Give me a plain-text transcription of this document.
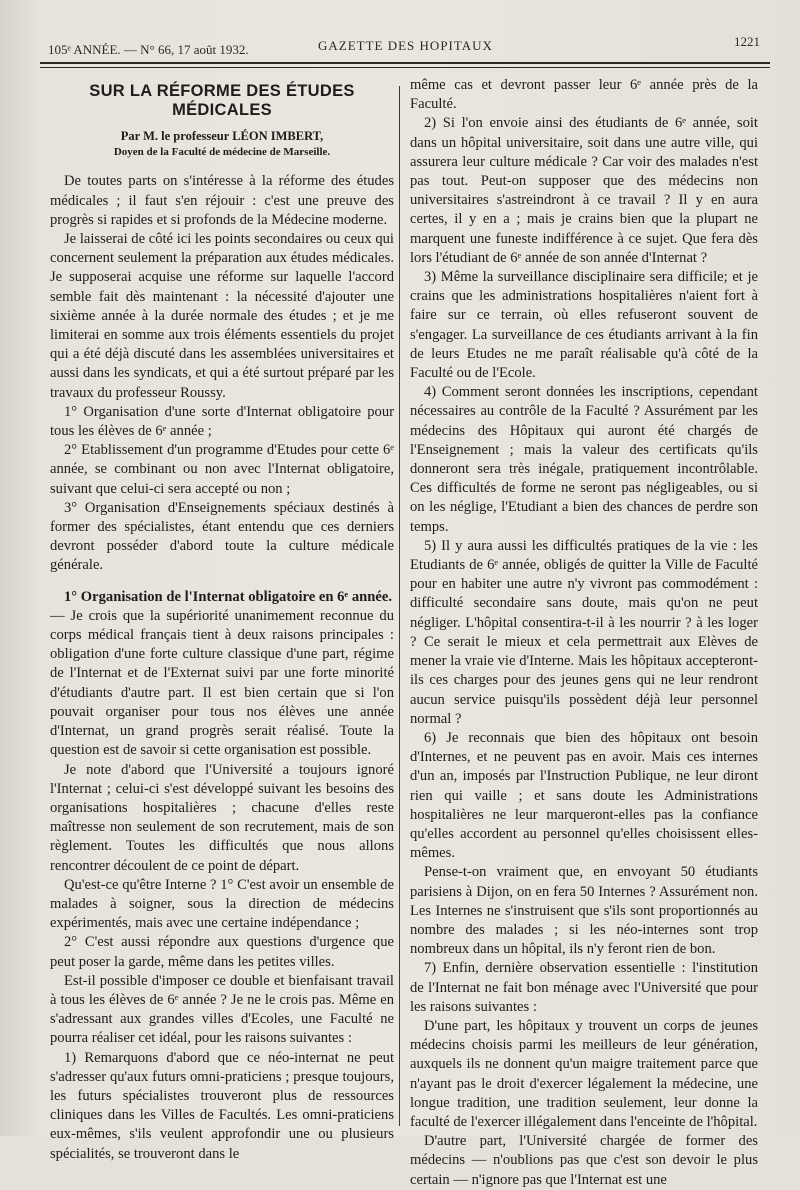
105ᵉ ANNÉE. — N° 66, 17 août 1932.	GAZETTE DES HOPITAUX	1221
SUR LA RÉFORME DES ÉTUDES MÉDICALES
Par M. le professeur LÉON IMBERT,
Doyen de la Faculté de médecine de Marseille.

De toutes parts on s'intéresse à la réforme des études médicales ; il faut s'en réjouir : c'est une preuve des progrès si rapides et si profonds de la Médecine moderne.

Je laisserai de côté ici les points secondaires ou ceux qui concernent seulement la préparation aux études médicales. Je supposerai acquise une réforme sur laquelle l'accord semble fait dès maintenant : la nécessité d'ajouter une sixième année à la durée normale des études ; et je me limiterai en somme aux trois éléments essentiels du projet qui a été déjà discuté dans les assemblées universitaires et aussi dans les syndicats, et qui a été surtout préparé par les travaux du professeur Roussy.

1° Organisation d'une sorte d'Internat obligatoire pour tous les élèves de 6ᵉ année ;

2° Etablissement d'un programme d'Etudes pour cette 6ᵉ année, se combinant ou non avec l'Internat obligatoire, suivant que celui-ci sera accepté ou non ;

3° Organisation d'Enseignements spéciaux destinés à former des spécialistes, étant entendu que ces derniers devront posséder d'abord toute la culture médicale générale.

1° Organisation de l'Internat obligatoire en 6ᵉ année.

— Je crois que la supériorité unanimement reconnue du corps médical français tient à deux raisons principales : obligation d'une forte culture classique d'une part, régime de l'Internat et de l'Externat suivi par une forte minorité d'étudiants d'autre part. Il est bien certain que si l'on pouvait organiser pour tous nos élèves une année d'Internat, un grand progrès serait réalisé. Toute la question est de savoir si cette organisation est possible.

Je note d'abord que l'Université a toujours ignoré l'Internat ; celui-ci s'est développé suivant les besoins des organisations hospitalières ; chacune d'elles reste maîtresse non seulement de son recrutement, mais de son règlement. Toutes les difficultés que nous allons rencontrer découlent de ce point de départ.

Qu'est-ce qu'être Interne ? 1° C'est avoir un ensemble de malades à soigner, sous la direction de médecins expérimentés, mais avec une certaine indépendance ;

2° C'est aussi répondre aux questions d'urgence que peut poser la garde, même dans les petites villes.

Est-il possible d'imposer ce double et bienfaisant travail à tous les élèves de 6ᵉ année ? Je ne le crois pas. Même en s'adressant aux grandes villes d'Ecoles, une Faculté ne pourra réaliser cet idéal, pour les raisons suivantes :

1) Remarquons d'abord que ce néo-internat ne peut s'adresser qu'aux futurs omni-praticiens ; presque toujours, les futurs spécialistes trouveront plus de ressources cliniques dans les Villes de Facultés. Les omni-praticiens eux-mêmes, s'ils veulent approfondir une ou plusieurs spécialités, se trouveront dans le

même cas et devront passer leur 6ᵉ année près de la Faculté.

2) Si l'on envoie ainsi des étudiants de 6ᵉ année, soit dans un hôpital universitaire, soit dans une autre ville, qui assurera leur culture médicale ? Car voir des malades n'est pas tout. Peut-on supposer que des médecins non universitaires s'astreindront à ce travail ? Il y en aura certes, il y en a ; mais je crains bien que la plupart ne marquent une funeste indifférence à ce sujet. Que fera dès lors l'étudiant de 6ᵉ année de son année d'Internat ?

3) Même la surveillance disciplinaire sera difficile; et je crains que les administrations hospitalières n'aient fort à faire sur ce terrain, où elles refuseront souvent de s'engager. La surveillance de ces étudiants arrivant à la fin de leurs Etudes ne me paraît réalisable qu'à côté de la Faculté ou de l'Ecole.

4) Comment seront données les inscriptions, cependant nécessaires au contrôle de la Faculté ? Assurément par les médecins des Hôpitaux qui auront été chargés de l'Enseignement ; mais la valeur des certificats qu'ils donneront sera très inégale, pratiquement incontrôlable. Ces difficultés de forme ne seront pas négligeables, ou si on les néglige, l'Etudiant a bien des chances de perdre son temps.

5) Il y aura aussi les difficultés pratiques de la vie : les Etudiants de 6ᵉ année, obligés de quitter la Ville de Faculté pour en habiter une autre n'y vivront pas commodément : difficulté secondaire sans doute, mais qu'on ne peut négliger. L'hôpital consentira-t-il à les nourrir ? à les loger ? Ce serait le mieux et cela permettrait aux Elèves de mener la vraie vie d'Interne. Mais les hôpitaux accepteront-ils ces charges pour des jeunes gens qui ne leur rendront aucun service puisqu'ils possèdent déjà leur personnel normal ?

6) Je reconnais que bien des hôpitaux ont besoin d'Internes, et ne peuvent pas en avoir. Mais ces internes d'un an, imposés par l'Instruction Publique, ne leur diront rien qui vaille ; et sans doute les Administrations hospitalières ne leur marqueront-elles pas la confiance qu'elles accordent au personnel qu'elles choisissent elles-mêmes.

Pense-t-on vraiment que, en envoyant 50 étudiants parisiens à Dijon, on en fera 50 Internes ? Assurément non. Les Internes ne s'instruisent que s'ils sont proportionnés au nombre des malades ; si les néo-internes sont trop nombreux dans un hôpital, ils n'y feront rien de bon.

7) Enfin, dernière observation essentielle : l'institution de l'Internat ne fait bon ménage avec l'Université que pour les raisons suivantes :

D'une part, les hôpitaux y trouvent un corps de jeunes médecins choisis parmi les meilleurs de leur génération, auxquels ils ne donnent qu'un maigre traitement parce que n'ayant pas le droit d'exercer légalement la médecine, une longue tradition, une tradition seulement, leur donne la faculté de l'exercer illégalement dans l'enceinte de l'hôpital.

D'autre part, l'Université chargée de former des médecins — n'oublions pas que c'est son devoir le plus certain — n'ignore pas que l'Internat est une
